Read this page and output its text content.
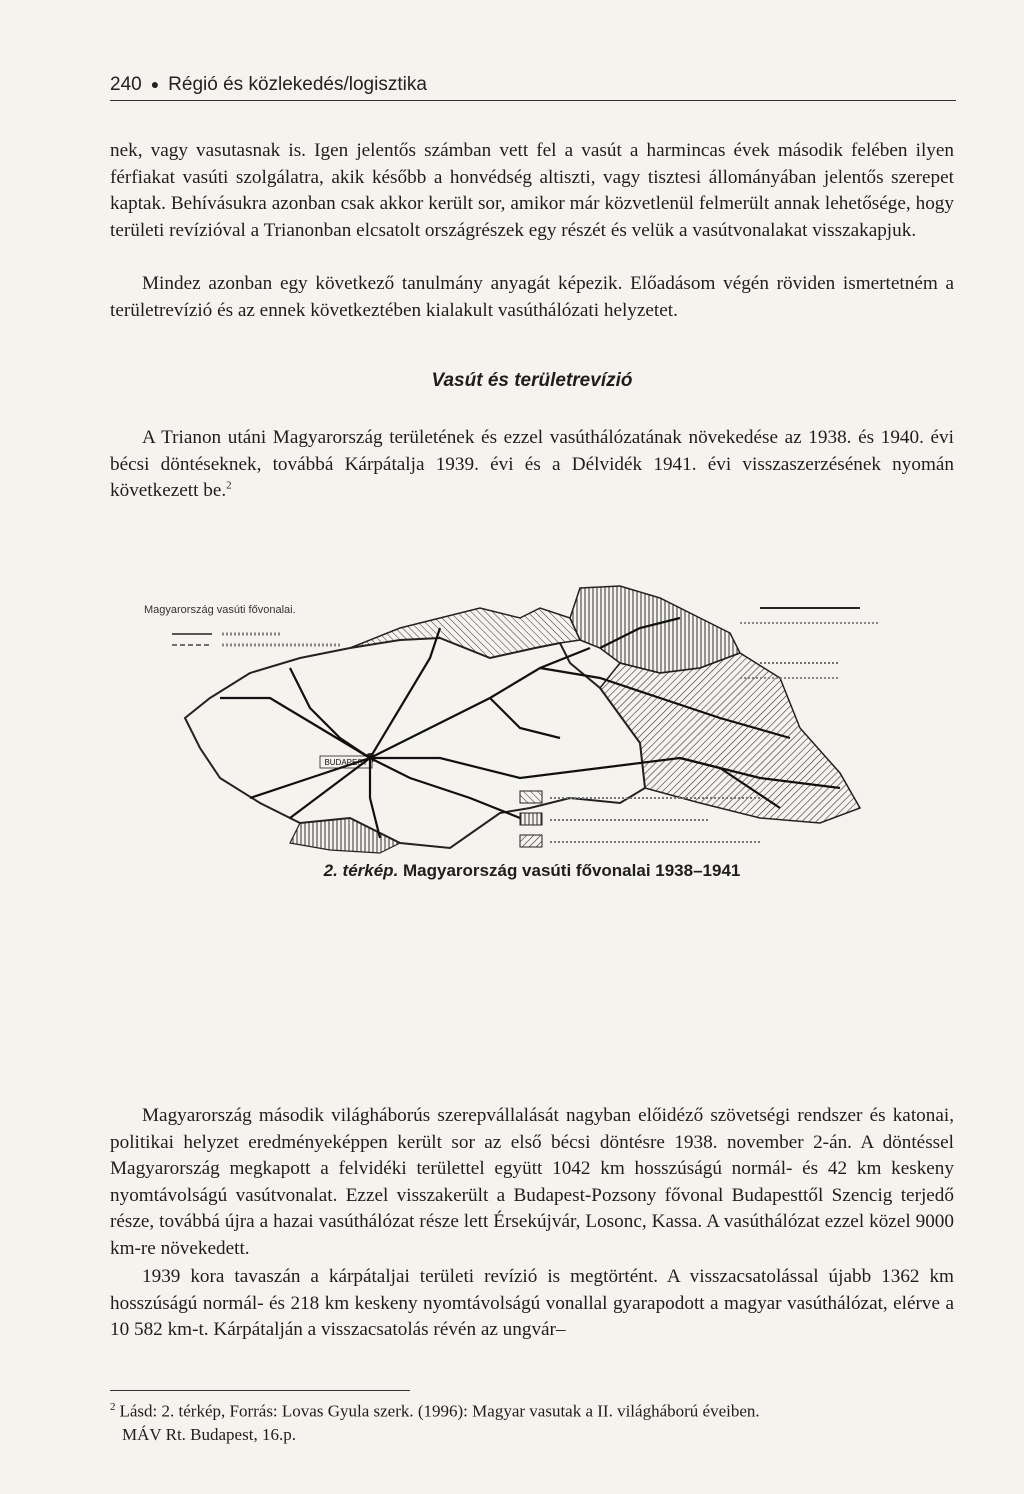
240 ● Régió és közlekedés/logisztika

nek, vagy vasutasnak is. Igen jelentős számban vett fel a vasút a harmincas évek második felében ilyen férfiakat vasúti szolgálatra, akik később a honvédség altiszti, vagy tisztesi állományában jelentős szerepet kaptak. Behívásukra azonban csak akkor került sor, amikor már közvetlenül felmerült annak lehetősége, hogy területi revízióval a Trianonban elcsatolt országrészek egy részét és velük a vasútvonalakat visszakapjuk.

Mindez azonban egy következő tanulmány anyagát képezik. Előadásom végén röviden ismertetném a területrevízió és az ennek következtében kialakult vasúthálózati helyzetet.

Vasút és területrevízió

A Trianon utáni Magyarország területének és ezzel vasúthálózatának növekedése az 1938. és 1940. évi bécsi döntéseknek, továbbá Kárpátalja 1939. évi és a Délvidék 1941. évi visszaszerzésének nyomán következett be.$^2$

Magyarország vasúti fővonalai.
BUDAPEST
2. térkép. Magyarország vasúti fővonalai 1938–1941

Magyarország második világháborús szerepvállalását nagyban előidéző szövetségi rendszer és katonai, politikai helyzet eredményeképpen került sor az első bécsi döntésre 1938. november 2-án. A döntéssel Magyarország megkapott a felvidéki területtel együtt 1042 km hosszúságú normál- és 42 km keskeny nyomtávolságú vasútvonalat. Ezzel visszakerült a Budapest-Pozsony fővonal Budapesttől Szencig terjedő része, továbbá újra a hazai vasúthálózat része lett Érsekújvár, Losonc, Kassa. A vasúthálózat ezzel közel 9000 km-re növekedett.

1939 kora tavaszán a kárpátaljai területi revízió is megtörtént. A visszacsatolással újabb 1362 km hosszúságú normál- és 218 km keskeny nyomtávolságú vonallal gyarapodott a magyar vasúthálózat, elérve a 10 582 km-t. Kárpátalján a visszacsatolás révén az ungvár–

$^2$ Lásd: 2. térkép, Forrás: Lovas Gyula szerk. (1996): Magyar vasutak a II. világháború éveiben.
MÁV Rt. Budapest, 16.p.
